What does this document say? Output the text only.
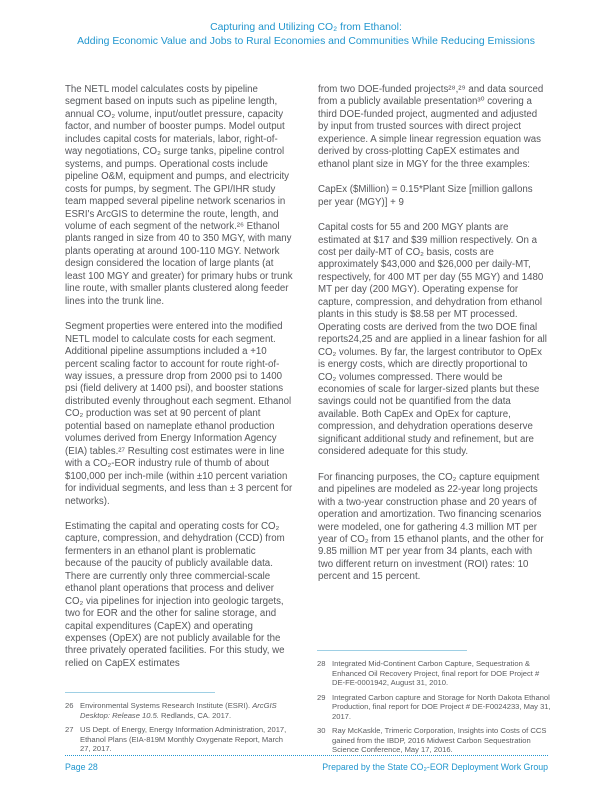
Capturing and Utilizing CO₂ from Ethanol:
Adding Economic Value and Jobs to Rural Economies and Communities While Reducing Emissions

The NETL model calculates costs by pipeline segment based on inputs such as pipeline length, annual CO₂ volume, input/outlet pressure, capacity factor, and number of booster pumps. Model output includes capital costs for materials, labor, right-of-way negotiations, CO₂ surge tanks, pipeline control systems, and pumps. Operational costs include pipeline O&M, equipment and pumps, and electricity costs for pumps, by segment. The GPI/IHR study team mapped several pipeline network scenarios in ESRI's ArcGIS to determine the route, length, and volume of each segment of the network.²⁶ Ethanol plants ranged in size from 40 to 350 MGY, with many plants operating at around 100-110 MGY. Network design considered the location of large plants (at least 100 MGY and greater) for primary hubs or trunk line route, with smaller plants clustered along feeder lines into the trunk line.

Segment properties were entered into the modified NETL model to calculate costs for each segment. Additional pipeline assumptions included a +10 percent scaling factor to account for route right-of-way issues, a pressure drop from 2000 psi to 1400 psi (field delivery at 1400 psi), and booster stations distributed evenly throughout each segment. Ethanol CO₂ production was set at 90 percent of plant potential based on nameplate ethanol production volumes derived from Energy Information Agency (EIA) tables.²⁷ Resulting cost estimates were in line with a CO₂-EOR industry rule of thumb of about $100,000 per inch-mile (within ±10 percent variation for individual segments, and less than ± 3 percent for networks).

Estimating the capital and operating costs for CO₂ capture, compression, and dehydration (CCD) from fermenters in an ethanol plant is problematic because of the paucity of publicly available data. There are currently only three commercial-scale ethanol plant operations that process and deliver CO₂ via pipelines for injection into geologic targets, two for EOR and the other for saline storage, and capital expenditures (CapEX) and operating expenses (OpEX) are not publicly available for the three privately operated facilities. For this study, we relied on CapEX estimates

from two DOE-funded projects²⁸,²⁹ and data sourced from a publicly available presentation³⁰ covering a third DOE-funded project, augmented and adjusted by input from trusted sources with direct project experience. A simple linear regression equation was derived by cross-plotting CapEX estimates and ethanol plant size in MGY for the three examples:

CapEx ($Million) = 0.15*Plant Size [million gallons per year (MGY)] + 9

Capital costs for 55 and 200 MGY plants are estimated at $17 and $39 million respectively. On a cost per daily-MT of CO₂ basis, costs are approximately $43,000 and $26,000 per daily-MT, respectively, for 400 MT per day (55 MGY) and 1480 MT per day (200 MGY). Operating expense for capture, compression, and dehydration from ethanol plants in this study is $8.58 per MT processed. Operating costs are derived from the two DOE final reports24,25 and are applied in a linear fashion for all CO₂ volumes. By far, the largest contributor to OpEx is energy costs, which are directly proportional to CO₂ volumes compressed. There would be economies of scale for larger-sized plants but these savings could not be quantified from the data available. Both CapEx and OpEx for capture, compression, and dehydration operations deserve significant additional study and refinement, but are considered adequate for this study.

For financing purposes, the CO₂ capture equipment and pipelines are modeled as 22-year long projects with a two-year construction phase and 20 years of operation and amortization. Two financing scenarios were modeled, one for gathering 4.3 million MT per year of CO₂ from 15 ethanol plants, and the other for 9.85 million MT per year from 34 plants, each with two different return on investment (ROI) rates: 10 percent and 15 percent.

26 Environmental Systems Research Institute (ESRI). ArcGIS Desktop: Release 10.5. Redlands, CA. 2017.
27 US Dept. of Energy, Energy Information Administration, 2017, Ethanol Plans (EIA-819M Monthly Oxygenate Report, March 27, 2017.
28 Integrated Mid-Continent Carbon Capture, Sequestration & Enhanced Oil Recovery Project, final report for DOE Project # DE-FE-0001942, August 31, 2010.
29 Integrated Carbon capture and Storage for North Dakota Ethanol Production, final report for DOE Project # DE-F0024233, May 31, 2017.
30 Ray McKaskle, Trimeric Corporation, Insights into Costs of CCS gained from the IBDP, 2016 Midwest Carbon Sequestration Science Conference, May 17, 2016.
Page 28	Prepared by the State CO₂-EOR Deployment Work Group
